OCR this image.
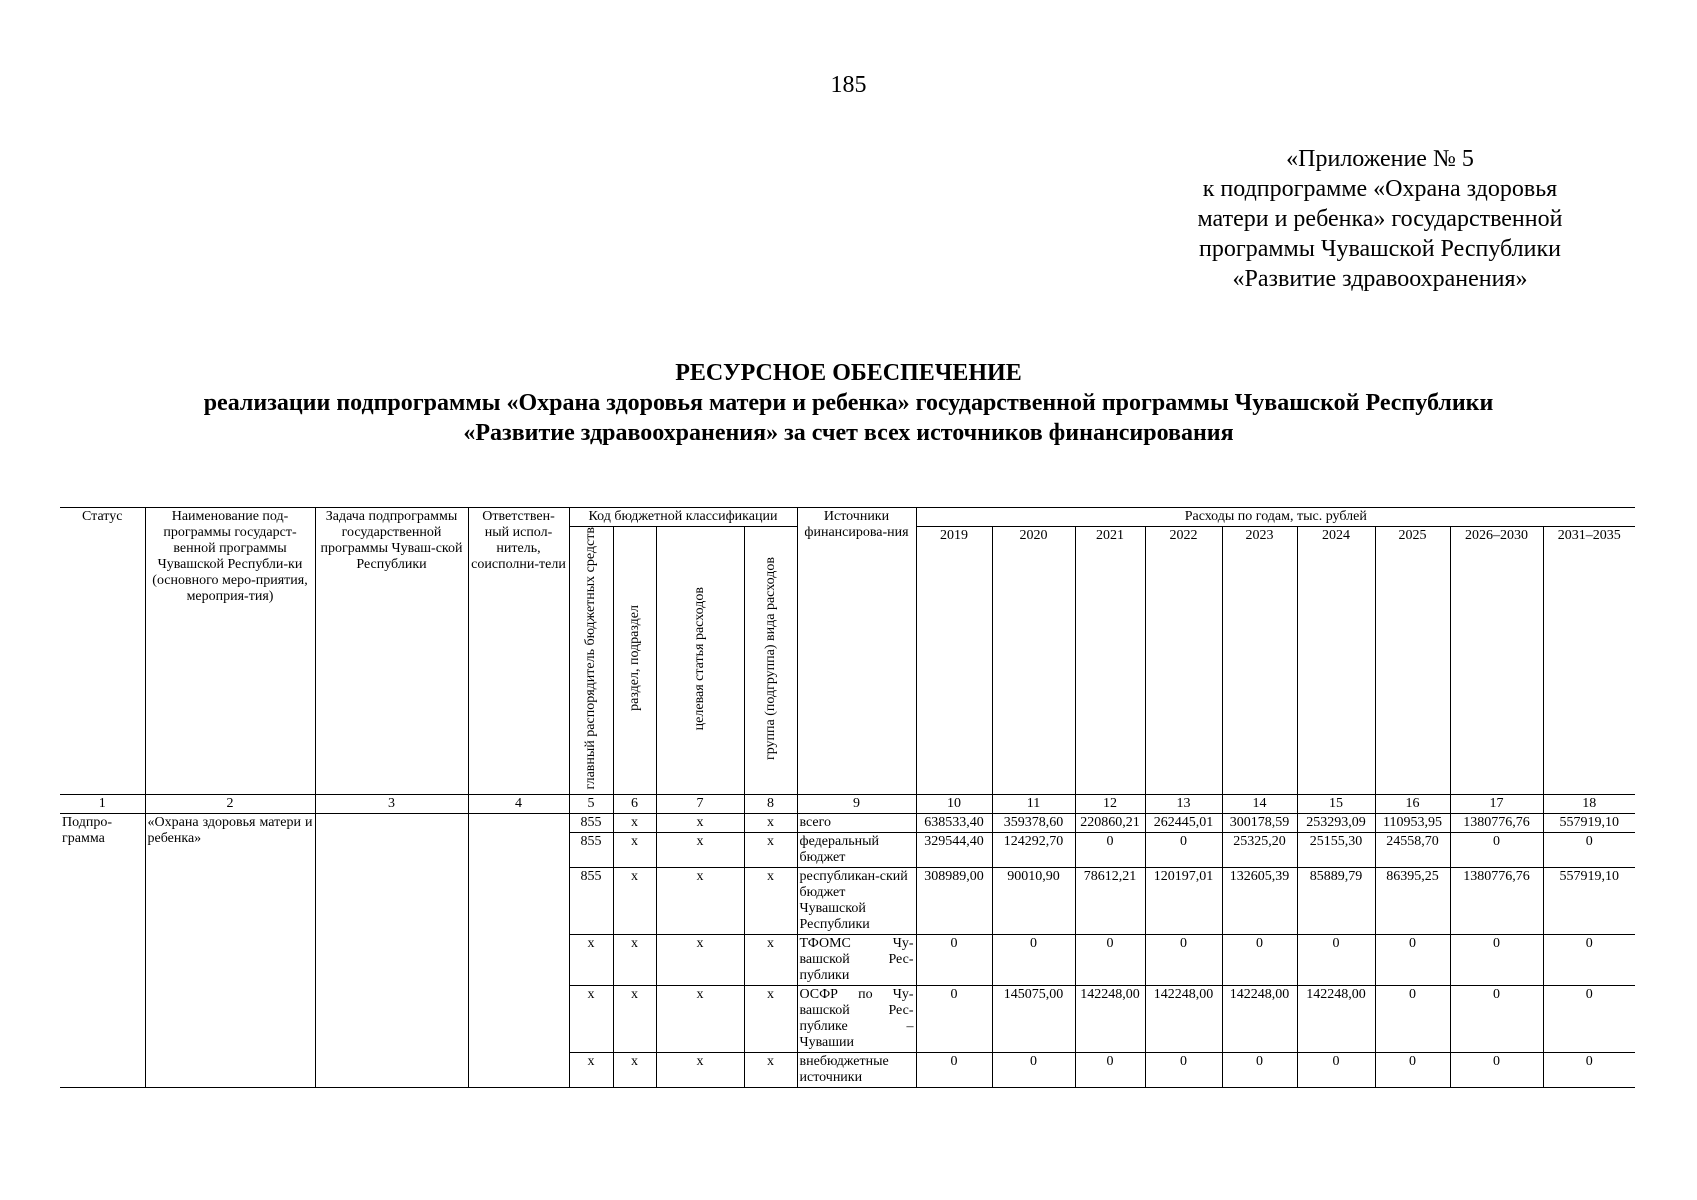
185
«Приложение № 5
к подпрограмме «Охрана здоровья
матери и ребенка» государственной
программы Чувашской Республики
«Развитие здравоохранения»
РЕСУРСНОЕ ОБЕСПЕЧЕНИЕ
реализации подпрограммы «Охрана здоровья матери и ребенка» государственной программы Чувашской Республики
«Развитие здравоохранения» за счет всех источников финансирования
Статус	Наименование под-программы государст-венной программы Чувашской Республи-ки (основного меро-приятия, мероприя-тия)	Задача подпрограммы государственной программы Чуваш-ской Республики	Ответствен-ный испол-нитель, соисполни-тели	Код бюджетной классификации				Источники финансирова-ния	Расходы по годам, тыс. рублей								
				главный распорядитель бюджетных средств	раздел, подраздел	целевая статья расходов	группа (подгруппа) вида расходов		2019	2020	2021	2022	2023	2024	2025	2026–2030	2031–2035
1	2	3	4	5	6	7	8	9	10	11	12	13	14	15	16	17	18
Подпро-грамма	«Охрана здоровья матери и ребенка»			855	х	х	х	всего	638533,40	359378,60	220860,21	262445,01	300178,59	253293,09	110953,95	1380776,76	557919,10
				855	х	х	х	федеральный бюджет	329544,40	124292,70	0	0	25325,20	25155,30	24558,70	0	0
				855	х	х	х	республикан-ский бюджет Чувашской Республики	308989,00	90010,90	78612,21	120197,01	132605,39	85889,79	86395,25	1380776,76	557919,10
				х	х	х	х	ТФОМС Чу-вашской Рес-публики	0	0	0	0	0	0	0	0	0
				х	х	х	х	ОСФР по Чу-вашской Рес-публике – Чувашии	0	145075,00	142248,00	142248,00	142248,00	142248,00	0	0	0
				х	х	х	х	внебюджетные источники	0	0	0	0	0	0	0	0	0
